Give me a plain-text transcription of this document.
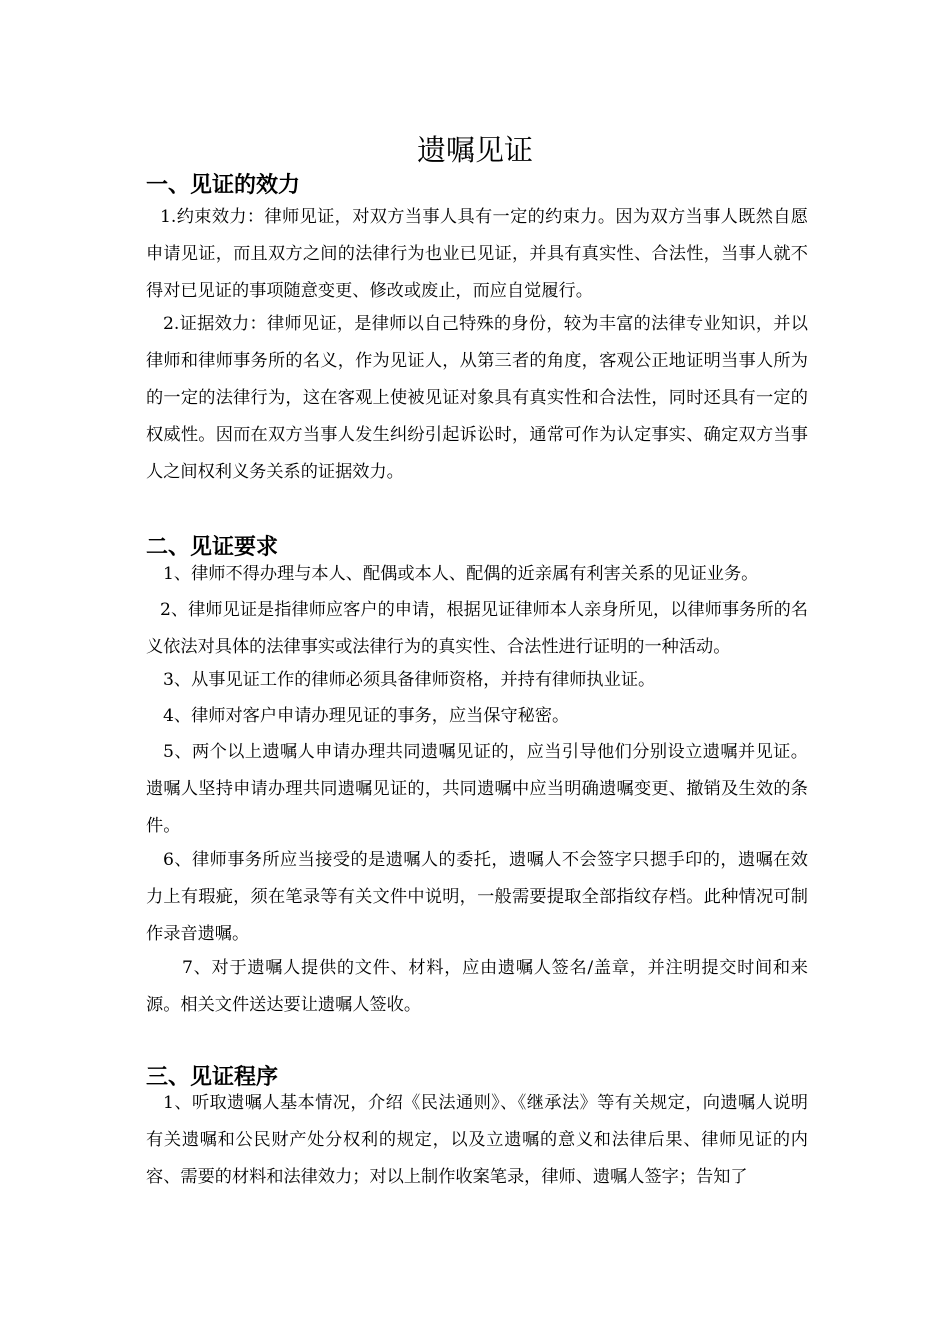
遗嘱见证
一、见证的效力

1.约束效力：律师见证，对双方当事人具有一定的约束力。因为双方当事人既然自愿申请见证，而且双方之间的法律行为也业已见证，并具有真实性、合法性，当事人就不得对已见证的事项随意变更、修改或废止，而应自觉履行。

2.证据效力：律师见证，是律师以自己特殊的身份，较为丰富的法律专业知识，并以律师和律师事务所的名义，作为见证人，从第三者的角度，客观公正地证明当事人所为的一定的法律行为，这在客观上使被见证对象具有真实性和合法性，同时还具有一定的权威性。因而在双方当事人发生纠纷引起诉讼时，通常可作为认定事实、确定双方当事人之间权利义务关系的证据效力。

二、见证要求

1、律师不得办理与本人、配偶或本人、配偶的近亲属有利害关系的见证业务。

2、律师见证是指律师应客户的申请，根据见证律师本人亲身所见，以律师事务所的名义依法对具体的法律事实或法律行为的真实性、合法性进行证明的一种活动。

3、从事见证工作的律师必须具备律师资格，并持有律师执业证。

4、律师对客户申请办理见证的事务，应当保守秘密。

5、两个以上遗嘱人申请办理共同遗嘱见证的，应当引导他们分别设立遗嘱并见证。遗嘱人坚持申请办理共同遗嘱见证的，共同遗嘱中应当明确遗嘱变更、撤销及生效的条件。

6、律师事务所应当接受的是遗嘱人的委托，遗嘱人不会签字只摁手印的，遗嘱在效力上有瑕疵，须在笔录等有关文件中说明，一般需要提取全部指纹存档。此种情况可制作录音遗嘱。

7、对于遗嘱人提供的文件、材料，应由遗嘱人签名/盖章，并注明提交时间和来源。相关文件送达要让遗嘱人签收。

三、见证程序

1、听取遗嘱人基本情况，介绍《民法通则》、《继承法》等有关规定，向遗嘱人说明有关遗嘱和公民财产处分权利的规定，以及立遗嘱的意义和法律后果、律师见证的内容、需要的材料和法律效力；对以上制作收案笔录，律师、遗嘱人签字；告知了
